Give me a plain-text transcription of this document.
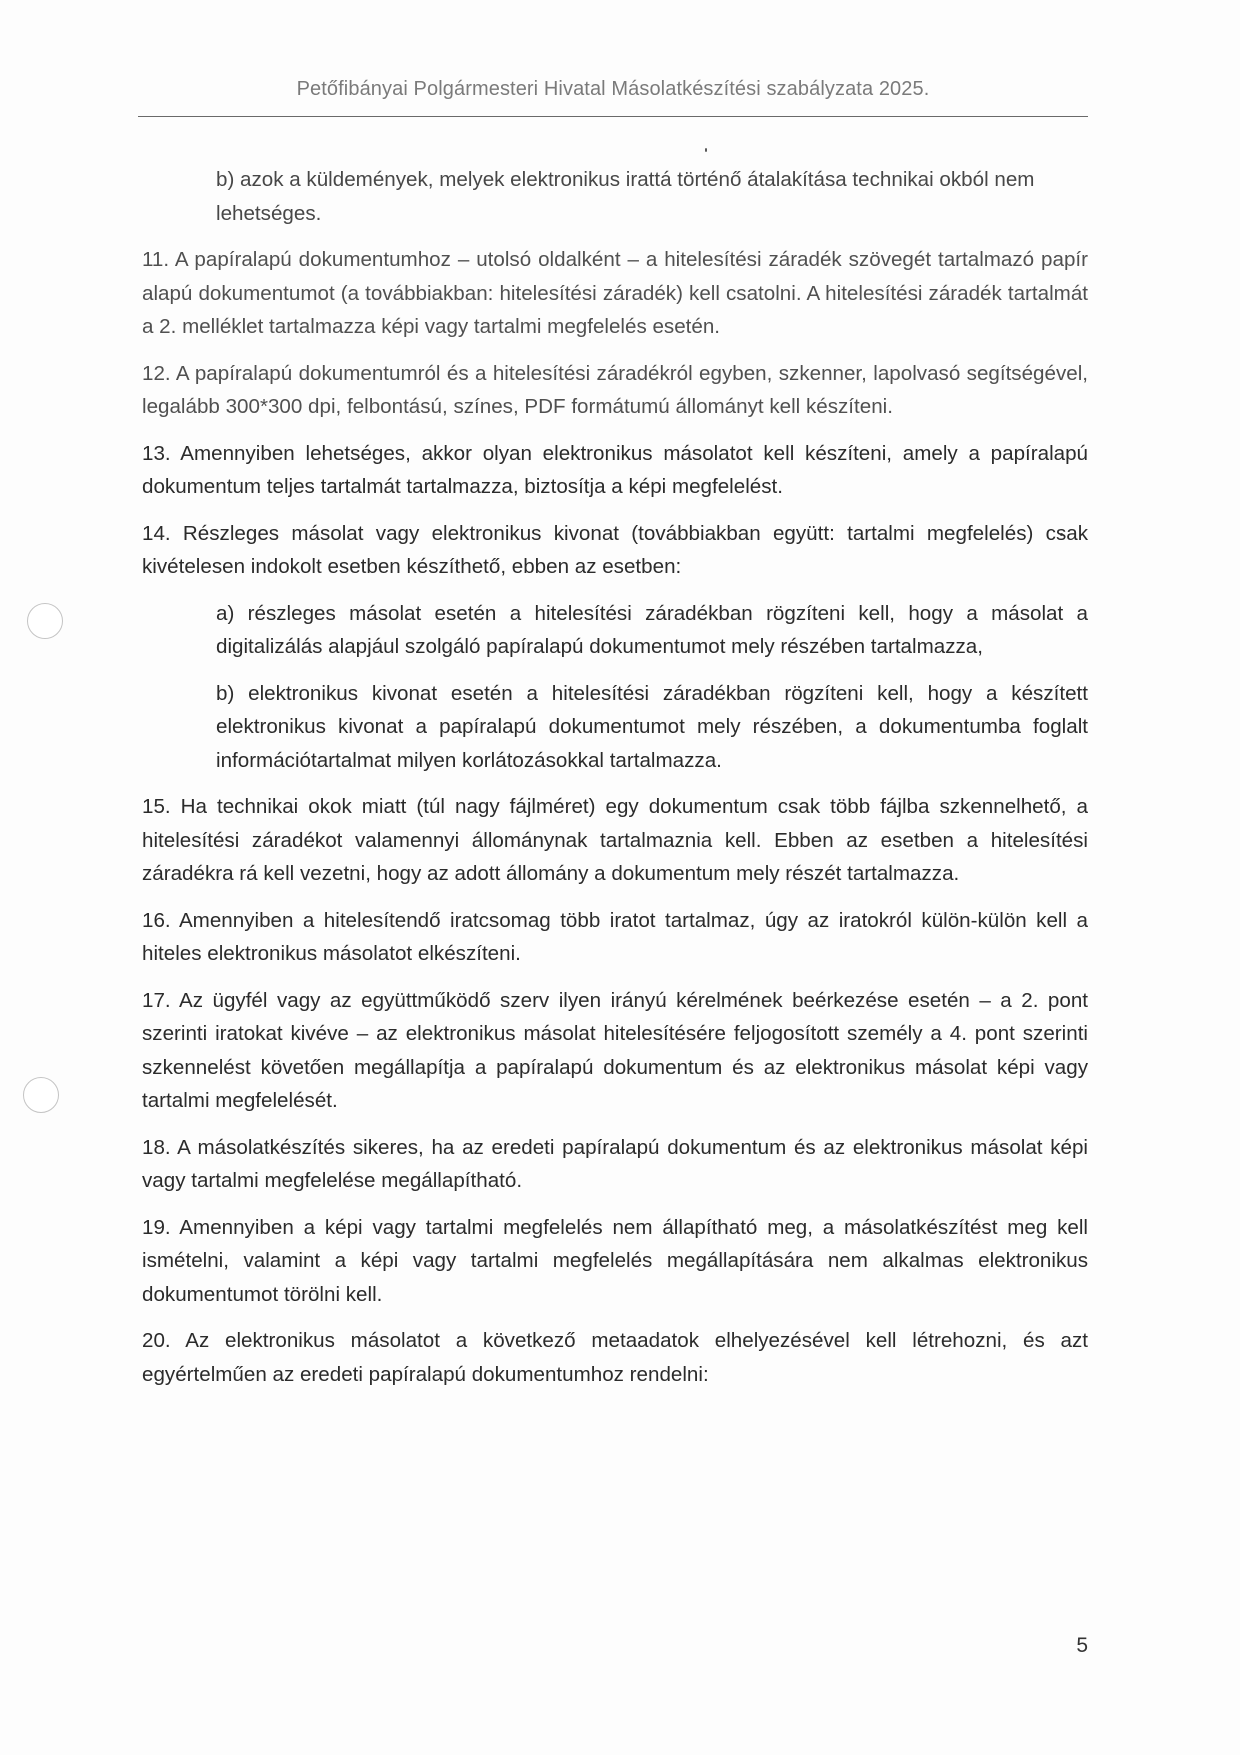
Petőfibányai Polgármesteri Hivatal Másolatkészítési szabályzata 2025.

b) azok a küldemények, melyek elektronikus irattá történő átalakítása technikai okból nem lehetséges.

11. A papíralapú dokumentumhoz – utolsó oldalként – a hitelesítési záradék szövegét tartalmazó papír alapú dokumentumot (a továbbiakban: hitelesítési záradék) kell csatolni. A hitelesítési záradék tartalmát a 2. melléklet tartalmazza képi vagy tartalmi megfelelés esetén.

12. A papíralapú dokumentumról és a hitelesítési záradékról egyben, szkenner, lapolvasó segítségével, legalább 300*300 dpi, felbontású, színes, PDF formátumú állományt kell készíteni.

13. Amennyiben lehetséges, akkor olyan elektronikus másolatot kell készíteni, amely a papíralapú dokumentum teljes tartalmát tartalmazza, biztosítja a képi megfelelést.

14. Részleges másolat vagy elektronikus kivonat (továbbiakban együtt: tartalmi megfelelés) csak kivételesen indokolt esetben készíthető, ebben az esetben:

a) részleges másolat esetén a hitelesítési záradékban rögzíteni kell, hogy a másolat a digitalizálás alapjául szolgáló papíralapú dokumentumot mely részében tartalmazza,

b) elektronikus kivonat esetén a hitelesítési záradékban rögzíteni kell, hogy a készített elektronikus kivonat a papíralapú dokumentumot mely részében, a dokumentumba foglalt információtartalmat milyen korlátozásokkal tartalmazza.

15. Ha technikai okok miatt (túl nagy fájlméret) egy dokumentum csak több fájlba szkennelhető, a hitelesítési záradékot valamennyi állománynak tartalmaznia kell. Ebben az esetben a hitelesítési záradékra rá kell vezetni, hogy az adott állomány a dokumentum mely részét tartalmazza.

16. Amennyiben a hitelesítendő iratcsomag több iratot tartalmaz, úgy az iratokról külön-külön kell a hiteles elektronikus másolatot elkészíteni.

17. Az ügyfél vagy az együttműködő szerv ilyen irányú kérelmének beérkezése esetén – a 2. pont szerinti iratokat kivéve – az elektronikus másolat hitelesítésére feljogosított személy a 4. pont szerinti szkennelést követően megállapítja a papíralapú dokumentum és az elektronikus másolat képi vagy tartalmi megfelelését.

18. A másolatkészítés sikeres, ha az eredeti papíralapú dokumentum és az elektronikus másolat képi vagy tartalmi megfelelése megállapítható.

19. Amennyiben a képi vagy tartalmi megfelelés nem állapítható meg, a másolatkészítést meg kell ismételni, valamint a képi vagy tartalmi megfelelés megállapítására nem alkalmas elektronikus dokumentumot törölni kell.

20. Az elektronikus másolatot a következő metaadatok elhelyezésével kell létrehozni, és azt egyértelműen az eredeti papíralapú dokumentumhoz rendelni:

5
